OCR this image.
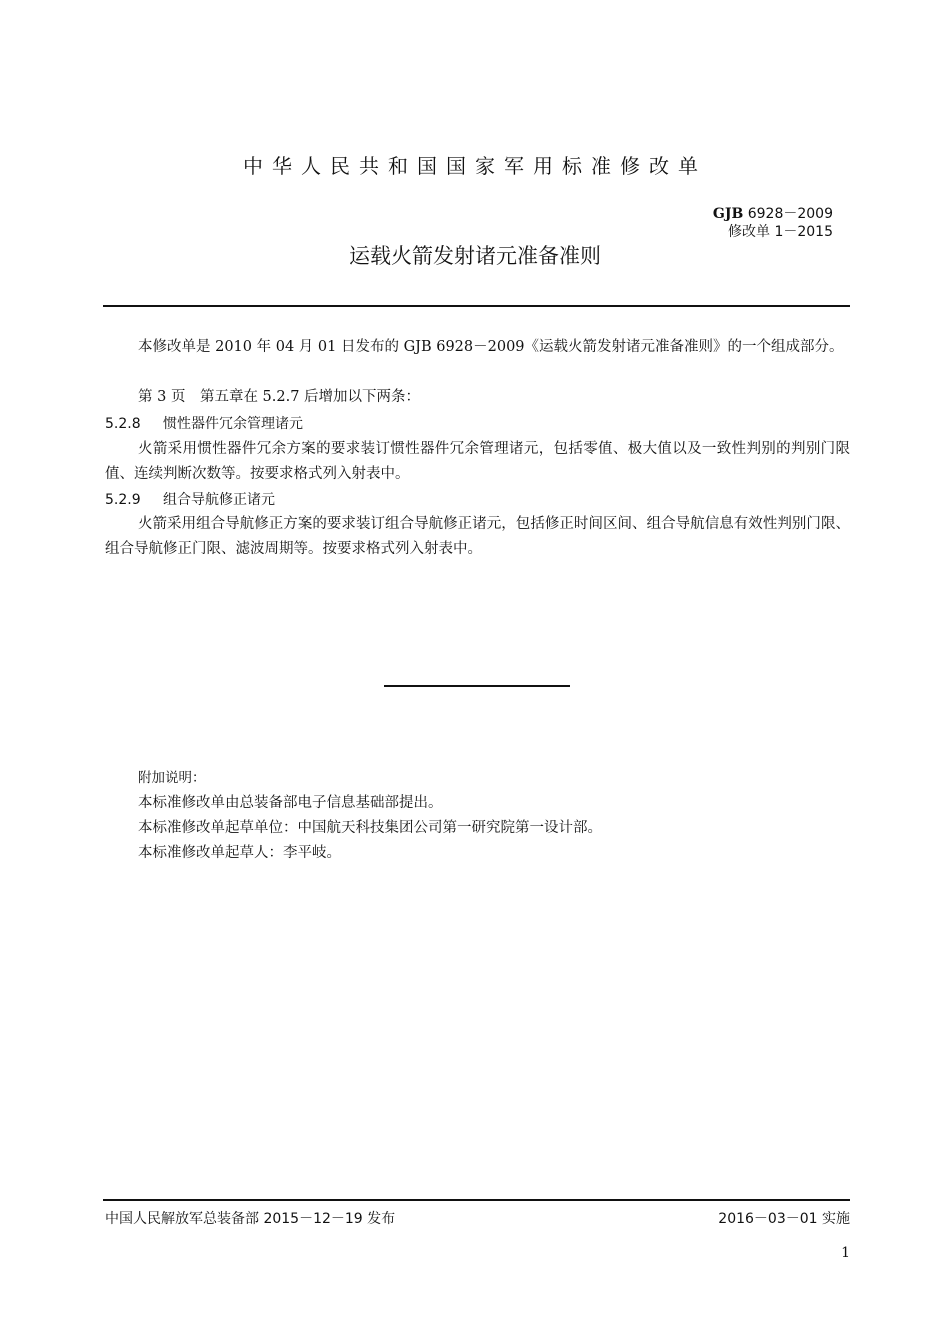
中华人民共和国国家军用标准修改单
GJB 6928－2009
修改单 1－2015
运载火箭发射诸元准备准则
本修改单是 2010 年 04 月 01 日发布的 GJB 6928－2009《运载火箭发射诸元准备准则》的一个组成部分。
第 3 页　第五章在 5.2.7 后增加以下两条：
5.2.8 惯性器件冗余管理诸元
火箭采用惯性器件冗余方案的要求装订惯性器件冗余管理诸元，包括零值、极大值以及一致性判别的判别门限值、连续判断次数等。按要求格式列入射表中。
5.2.9 组合导航修正诸元
火箭采用组合导航修正方案的要求装订组合导航修正诸元，包括修正时间区间、组合导航信息有效性判别门限、组合导航修正门限、滤波周期等。按要求格式列入射表中。
附加说明：
本标准修改单由总装备部电子信息基础部提出。
本标准修改单起草单位：中国航天科技集团公司第一研究院第一设计部。
本标准修改单起草人：李平岐。
中国人民解放军总装备部 2015－12－19 发布	2016－03－01 实施
1
